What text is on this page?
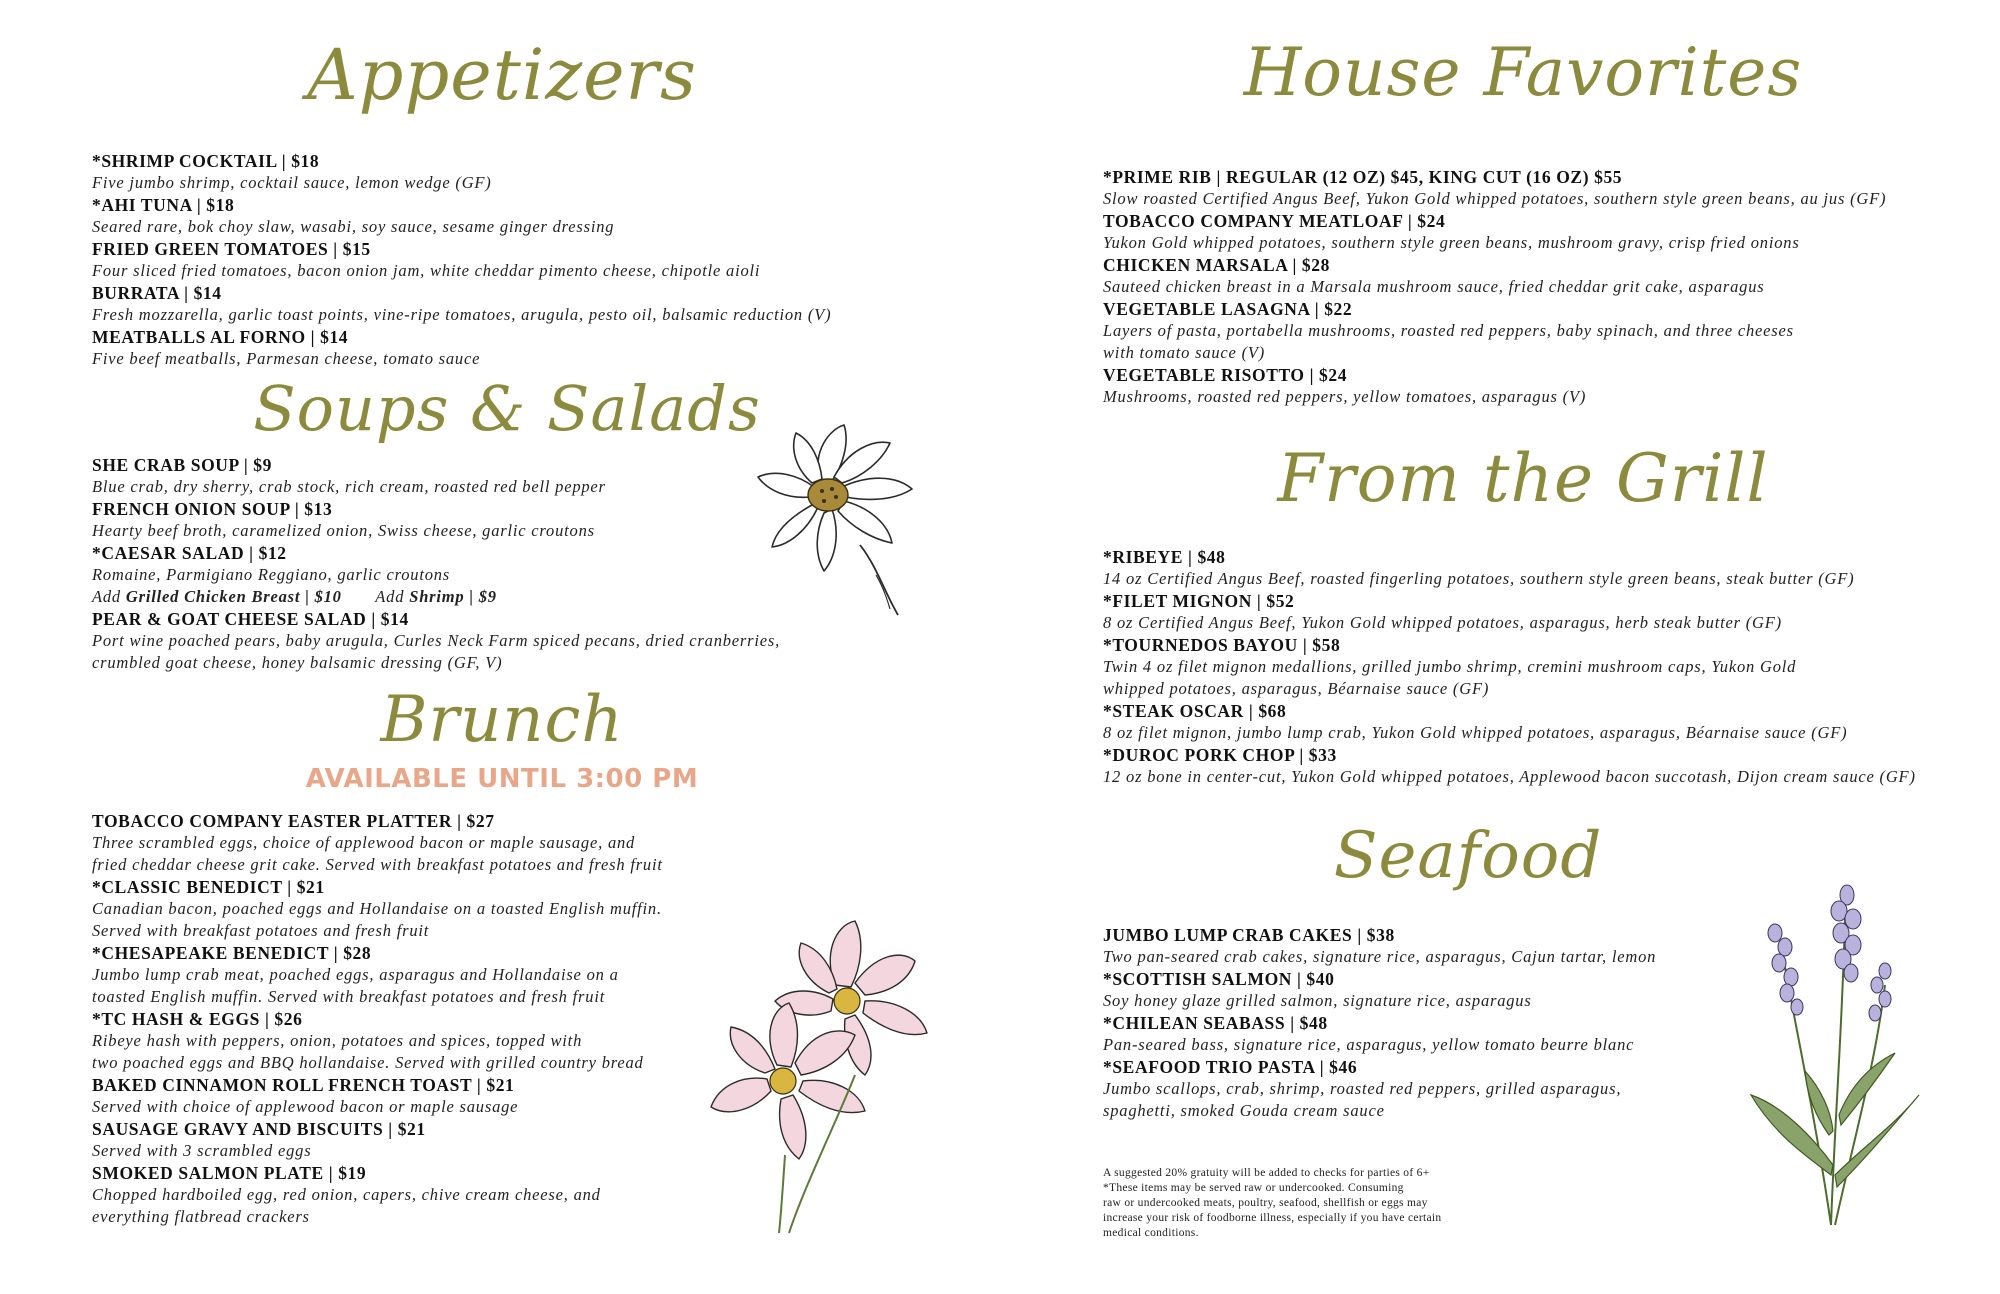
Appetizers
*SHRIMP COCKTAIL | $18
Five jumbo shrimp, cocktail sauce, lemon wedge (GF)
*AHI TUNA | $18
Seared rare, bok choy slaw, wasabi, soy sauce, sesame ginger dressing
FRIED GREEN TOMATOES | $15
Four sliced fried tomatoes, bacon onion jam, white cheddar pimento cheese, chipotle aioli
BURRATA | $14
Fresh mozzarella, garlic toast points, vine-ripe tomatoes, arugula, pesto oil, balsamic reduction (V)
MEATBALLS AL FORNO | $14
Five beef meatballs, Parmesan cheese, tomato sauce
Soups & Salads
SHE CRAB SOUP | $9
Blue crab, dry sherry, crab stock, rich cream, roasted red bell pepper
FRENCH ONION SOUP | $13
Hearty beef broth, caramelized onion, Swiss cheese, garlic croutons
*CAESAR SALAD | $12
Romaine, Parmigiano Reggiano, garlic croutons
Add Grilled Chicken Breast | $10 Add Shrimp | $9
PEAR & GOAT CHEESE SALAD | $14
Port wine poached pears, baby arugula, Curles Neck Farm spiced pecans, dried cranberries,
crumbled goat cheese, honey balsamic dressing (GF, V)
Brunch
AVAILABLE UNTIL 3:00 PM
TOBACCO COMPANY EASTER PLATTER | $27
Three scrambled eggs, choice of applewood bacon or maple sausage, and
fried cheddar cheese grit cake. Served with breakfast potatoes and fresh fruit
*CLASSIC BENEDICT | $21
Canadian bacon, poached eggs and Hollandaise on a toasted English muffin.
Served with breakfast potatoes and fresh fruit
*CHESAPEAKE BENEDICT | $28
Jumbo lump crab meat, poached eggs, asparagus and Hollandaise on a
toasted English muffin. Served with breakfast potatoes and fresh fruit
*TC HASH & EGGS | $26
Ribeye hash with peppers, onion, potatoes and spices, topped with
two poached eggs and BBQ hollandaise. Served with grilled country bread
BAKED CINNAMON ROLL FRENCH TOAST | $21
Served with choice of applewood bacon or maple sausage
SAUSAGE GRAVY AND BISCUITS | $21
Served with 3 scrambled eggs
SMOKED SALMON PLATE | $19
Chopped hardboiled egg, red onion, capers, chive cream cheese, and
everything flatbread crackers
House Favorites
*PRIME RIB | REGULAR (12 OZ) $45, KING CUT (16 OZ) $55
Slow roasted Certified Angus Beef, Yukon Gold whipped potatoes, southern style green beans, au jus (GF)
TOBACCO COMPANY MEATLOAF | $24
Yukon Gold whipped potatoes, southern style green beans, mushroom gravy, crisp fried onions
CHICKEN MARSALA | $28
Sauteed chicken breast in a Marsala mushroom sauce, fried cheddar grit cake, asparagus
VEGETABLE LASAGNA | $22
Layers of pasta, portabella mushrooms, roasted red peppers, baby spinach, and three cheeses
with tomato sauce (V)
VEGETABLE RISOTTO | $24
Mushrooms, roasted red peppers, yellow tomatoes, asparagus (V)
From the Grill
*RIBEYE | $48
14 oz Certified Angus Beef, roasted fingerling potatoes, southern style green beans, steak butter (GF)
*FILET MIGNON | $52
8 oz Certified Angus Beef, Yukon Gold whipped potatoes, asparagus, herb steak butter (GF)
*TOURNEDOS BAYOU | $58
Twin 4 oz filet mignon medallions, grilled jumbo shrimp, cremini mushroom caps, Yukon Gold
whipped potatoes, asparagus, Béarnaise sauce (GF)
*STEAK OSCAR | $68
8 oz filet mignon, jumbo lump crab, Yukon Gold whipped potatoes, asparagus, Béarnaise sauce (GF)
*DUROC PORK CHOP | $33
12 oz bone in center-cut, Yukon Gold whipped potatoes, Applewood bacon succotash, Dijon cream sauce (GF)
Seafood
JUMBO LUMP CRAB CAKES | $38
Two pan-seared crab cakes, signature rice, asparagus, Cajun tartar, lemon
*SCOTTISH SALMON | $40
Soy honey glaze grilled salmon, signature rice, asparagus
*CHILEAN SEABASS | $48
Pan-seared bass, signature rice, asparagus, yellow tomato beurre blanc
*SEAFOOD TRIO PASTA | $46
Jumbo scallops, crab, shrimp, roasted red peppers, grilled asparagus,
spaghetti, smoked Gouda cream sauce
A suggested 20% gratuity will be added to checks for parties of 6+
*These items may be served raw or undercooked. Consuming
raw or undercooked meats, poultry, seafood, shellfish or eggs may
increase your risk of foodborne illness, especially if you have certain
medical conditions.
